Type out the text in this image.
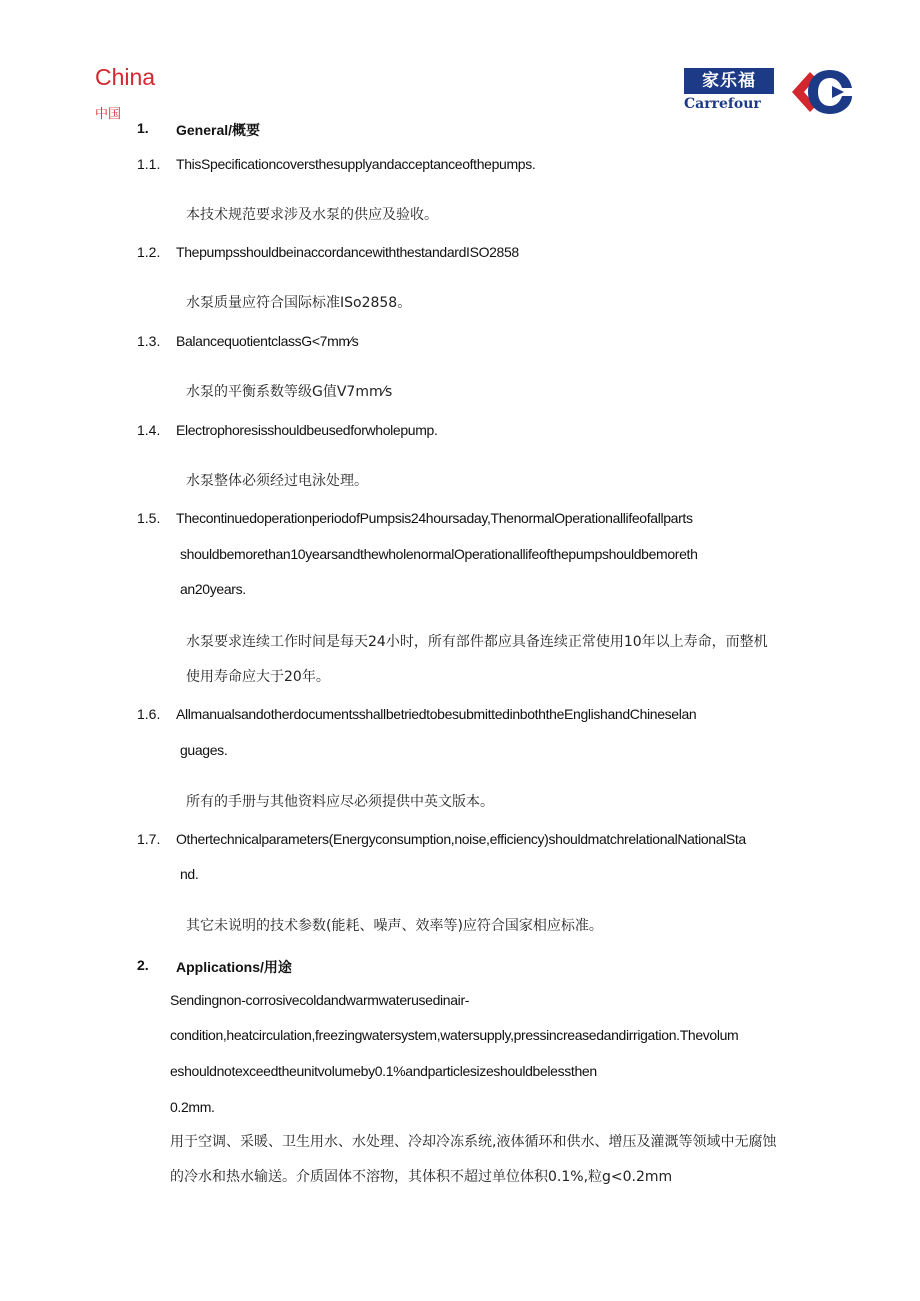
China
中国
家乐福
Carrefour
1. General/概要
1.1. ThisSpecificationcoversthesupplyandacceptanceofthepumps.
本技术规范要求涉及水泵的供应及验收。
1.2. ThepumpsshouldbeinaccordancewiththestandardISO2858
水泵质量应符合国际标准ISo2858。
1.3. BalancequotientclassG<7mm⁄s
水泵的平衡系数等级G值V7mm⁄s
1.4. Electrophoresisshouldbeusedforwholepump.
水泵整体必须经过电泳处理。
1.5. ThecontinuedoperationperiodofPumpsis24hoursaday,ThenormalOperationallifeofallparts
shouldbemorethan10yearsandthewholenormalOperationallifeofthepumpshouldbemoreth
an20years.
水泵要求连续工作时间是每天24小时，所有部件都应具备连续正常使用10年以上寿命，而整机
使用寿命应大于20年。
1.6. AllmanualsandotherdocumentsshallbetriedtobesubmittedinboththeEnglishandChineselan
guages.
所有的手册与其他资料应尽必须提供中英文版本。
1.7. Othertechnicalparameters(Energyconsumption,noise,efficiency)shouldmatchrelationalNationalSta
nd.
其它未说明的技术参数(能耗、噪声、效率等)应符合国家相应标准。
2. Applications/用途
Sendingnon-corrosivecoldandwarmwaterusedinair-
condition,heatcirculation,freezingwatersystem,watersupply,pressincreasedandirrigation.Thevolum
eshouldnotexceedtheunitvolumeby0.1%andparticlesizeshouldbelessthen
0.2mm.
用于空调、采暖、卫生用水、水处理、冷却冷冻系统,液体循环和供水、增压及灌溉等领域中无腐蚀
的冷水和热水输送。介质固体不溶物，其体积不超过单位体积0.1%,粒g<0.2mm
